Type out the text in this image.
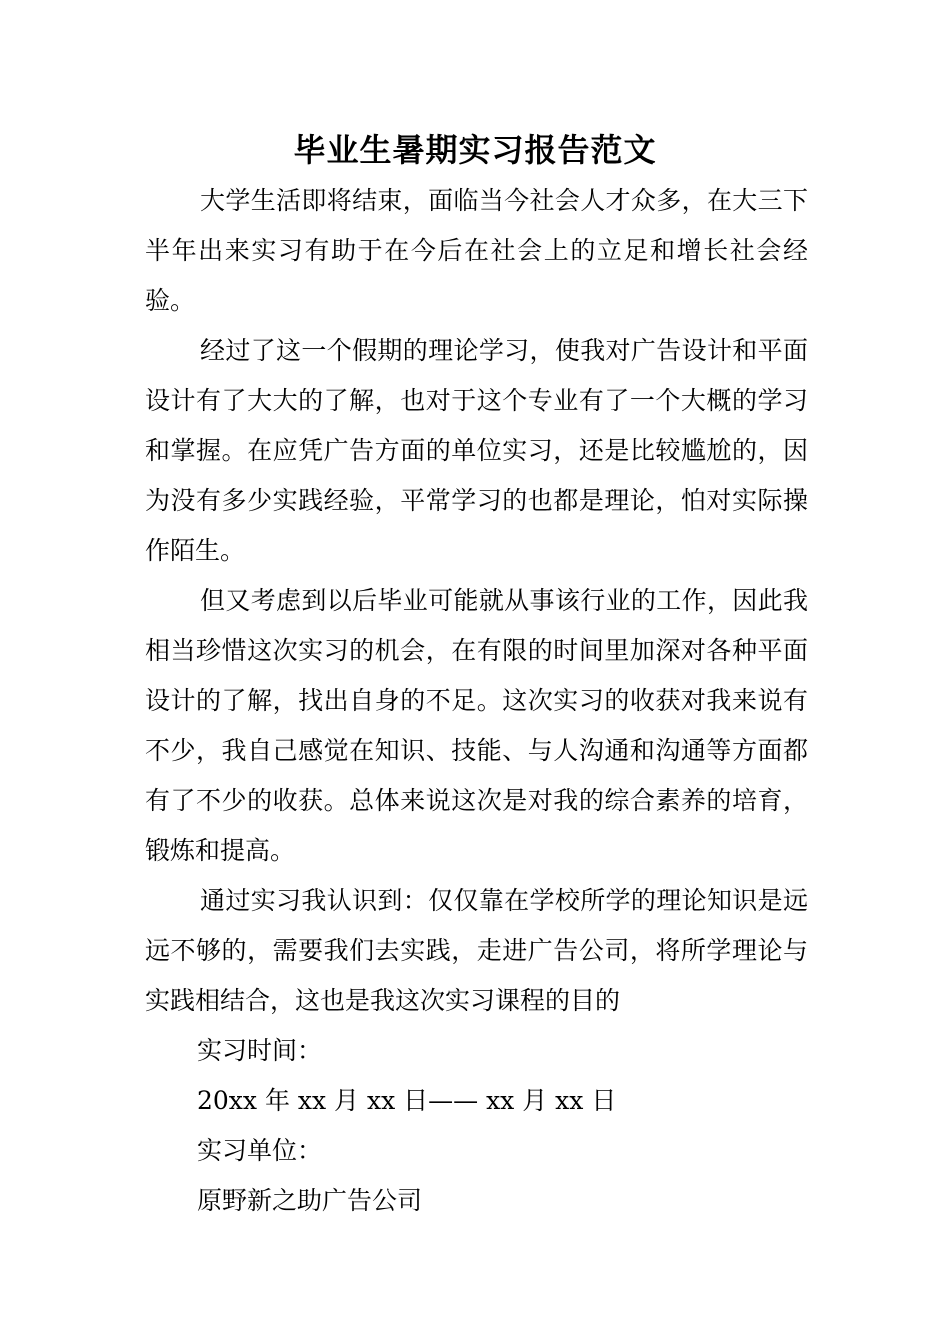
毕业生暑期实习报告范文

大学生活即将结束，面临当今社会人才众多，在大三下半年出来实习有助于在今后在社会上的立足和增长社会经验。

经过了这一个假期的理论学习，使我对广告设计和平面设计有了大大的了解，也对于这个专业有了一个大概的学习和掌握。在应凭广告方面的单位实习，还是比较尴尬的，因为没有多少实践经验，平常学习的也都是理论，怕对实际操作陌生。

但又考虑到以后毕业可能就从事该行业的工作，因此我相当珍惜这次实习的机会，在有限的时间里加深对各种平面设计的了解，找出自身的不足。这次实习的收获对我来说有不少，我自己感觉在知识、技能、与人沟通和沟通等方面都有了不少的收获。总体来说这次是对我的综合素养的培育，锻炼和提高。

通过实习我认识到：仅仅靠在学校所学的理论知识是远远不够的，需要我们去实践，走进广告公司，将所学理论与实践相结合，这也是我这次实习课程的目的

实习时间：

20xx 年 xx 月 xx 日—— xx 月 xx 日

实习单位：

原野新之助广告公司
